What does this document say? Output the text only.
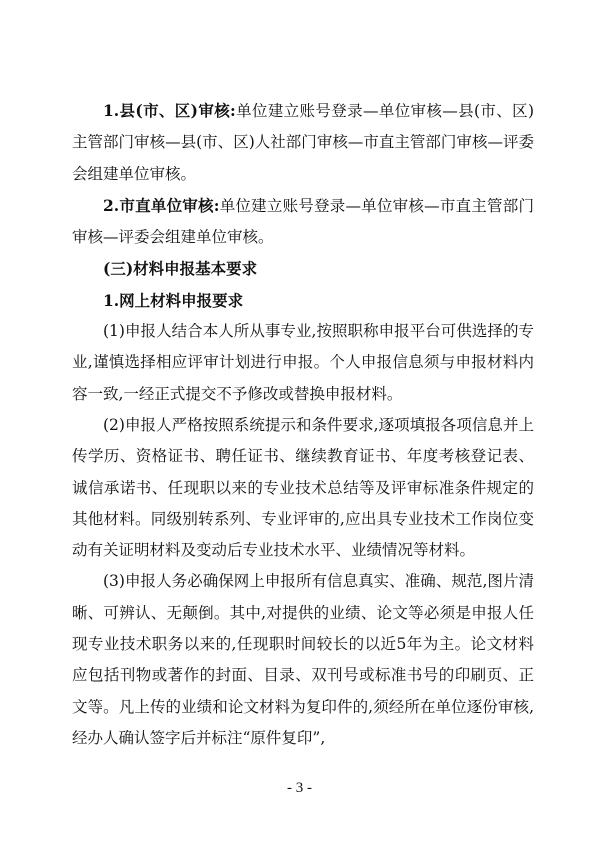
1.县(市、区)审核:单位建立账号登录—单位审核—县(市、区)主管部门审核—县(市、区)人社部门审核—市直主管部门审核—评委会组建单位审核。

2.市直单位审核:单位建立账号登录—单位审核—市直主管部门审核—评委会组建单位审核。

(三)材料申报基本要求

1.网上材料申报要求

(1)申报人结合本人所从事专业,按照职称申报平台可供选择的专业,谨慎选择相应评审计划进行申报。个人申报信息须与申报材料内容一致,一经正式提交不予修改或替换申报材料。

(2)申报人严格按照系统提示和条件要求,逐项填报各项信息并上传学历、资格证书、聘任证书、继续教育证书、年度考核登记表、诚信承诺书、任现职以来的专业技术总结等及评审标准条件规定的其他材料。同级别转系列、专业评审的,应出具专业技术工作岗位变动有关证明材料及变动后专业技术水平、业绩情况等材料。

(3)申报人务必确保网上申报所有信息真实、准确、规范,图片清晰、可辨认、无颠倒。其中,对提供的业绩、论文等必须是申报人任现专业技术职务以来的,任现职时间较长的以近5年为主。论文材料应包括刊物或著作的封面、目录、双刊号或标准书号的印刷页、正文等。凡上传的业绩和论文材料为复印件的,须经所在单位逐份审核,经办人确认签字后并标注“原件复印”,

- 3 -
